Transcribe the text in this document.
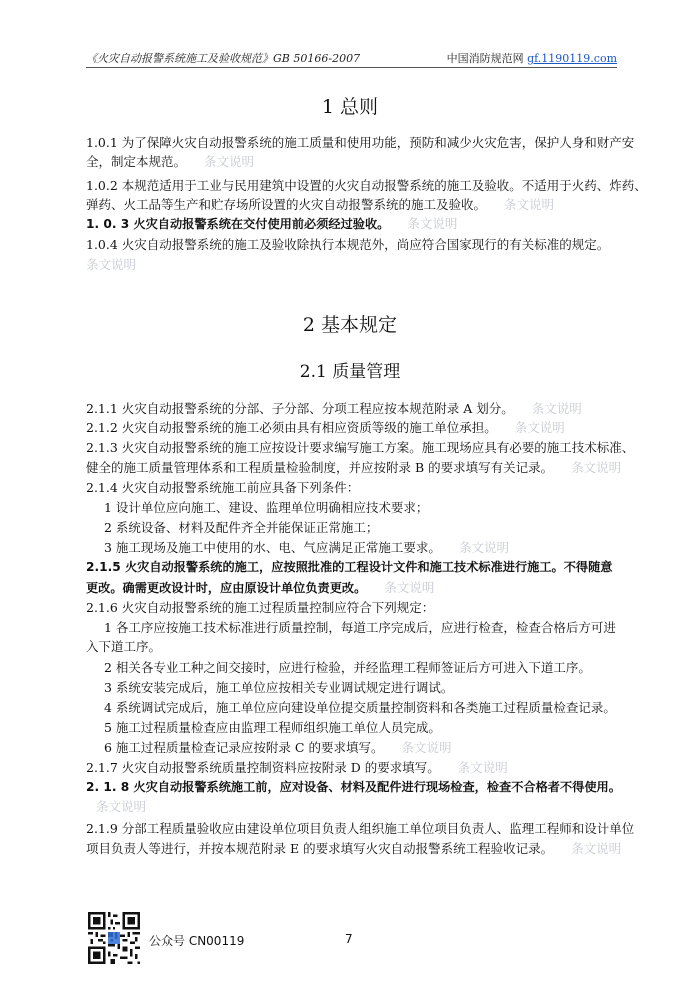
《火灾自动报警系统施工及验收规范》GB 50166-2007	中国消防规范网 gf.1190119.com
1 总则
1.0.1 为了保障火灾自动报警系统的施工质量和使用功能，预防和减少火灾危害，保护人身和财产安
全，制定本规范。 条文说明
1.0.2 本规范适用于工业与民用建筑中设置的火灾自动报警系统的施工及验收。不适用于火药、炸药、
弹药、火工品等生产和贮存场所设置的火灾自动报警系统的施工及验收。 条文说明
1. 0. 3 火灾自动报警系统在交付使用前必须经过验收。 条文说明
1.0.4 火灾自动报警系统的施工及验收除执行本规范外，尚应符合国家现行的有关标准的规定。
条文说明
2 基本规定
2.1 质量管理
2.1.1 火灾自动报警系统的分部、子分部、分项工程应按本规范附录 A 划分。 条文说明
2.1.2 火灾自动报警系统的施工必须由具有相应资质等级的施工单位承担。 条文说明
2.1.3 火灾自动报警系统的施工应按设计要求编写施工方案。施工现场应具有必要的施工技术标准、
健全的施工质量管理体系和工程质量检验制度，并应按附录 B 的要求填写有关记录。 条文说明
2.1.4 火灾自动报警系统施工前应具备下列条件：
1 设计单位应向施工、建设、监理单位明确相应技术要求；
2 系统设备、材料及配件齐全并能保证正常施工；
3 施工现场及施工中使用的水、电、气应满足正常施工要求。 条文说明
2.1.5 火灾自动报警系统的施工，应按照批准的工程设计文件和施工技术标准进行施工。不得随意
更改。确需更改设计时，应由原设计单位负责更改。 条文说明
2.1.6 火灾自动报警系统的施工过程质量控制应符合下列规定：
1 各工序应按施工技术标准进行质量控制，每道工序完成后，应进行检查，检查合格后方可进
入下道工序。
2 相关各专业工种之间交接时，应进行检验，并经监理工程师签证后方可进入下道工序。
3 系统安装完成后，施工单位应按相关专业调试规定进行调试。
4 系统调试完成后，施工单位应向建设单位提交质量控制资料和各类施工过程质量检查记录。
5 施工过程质量检查应由监理工程师组织施工单位人员完成。
6 施工过程质量检查记录应按附录 C 的要求填写。 条文说明
2.1.7 火灾自动报警系统质量控制资料应按附录 D 的要求填写。 条文说明
2. 1. 8 火灾自动报警系统施工前，应对设备、材料及配件进行现场检查，检查不合格者不得使用。
条文说明
2.1.9 分部工程质量验收应由建设单位项目负责人组织施工单位项目负责人、监理工程师和设计单位
项目负责人等进行，并按本规范附录 E 的要求填写火灾自动报警系统工程验收记录。 条文说明
公众号 CN00119	7
